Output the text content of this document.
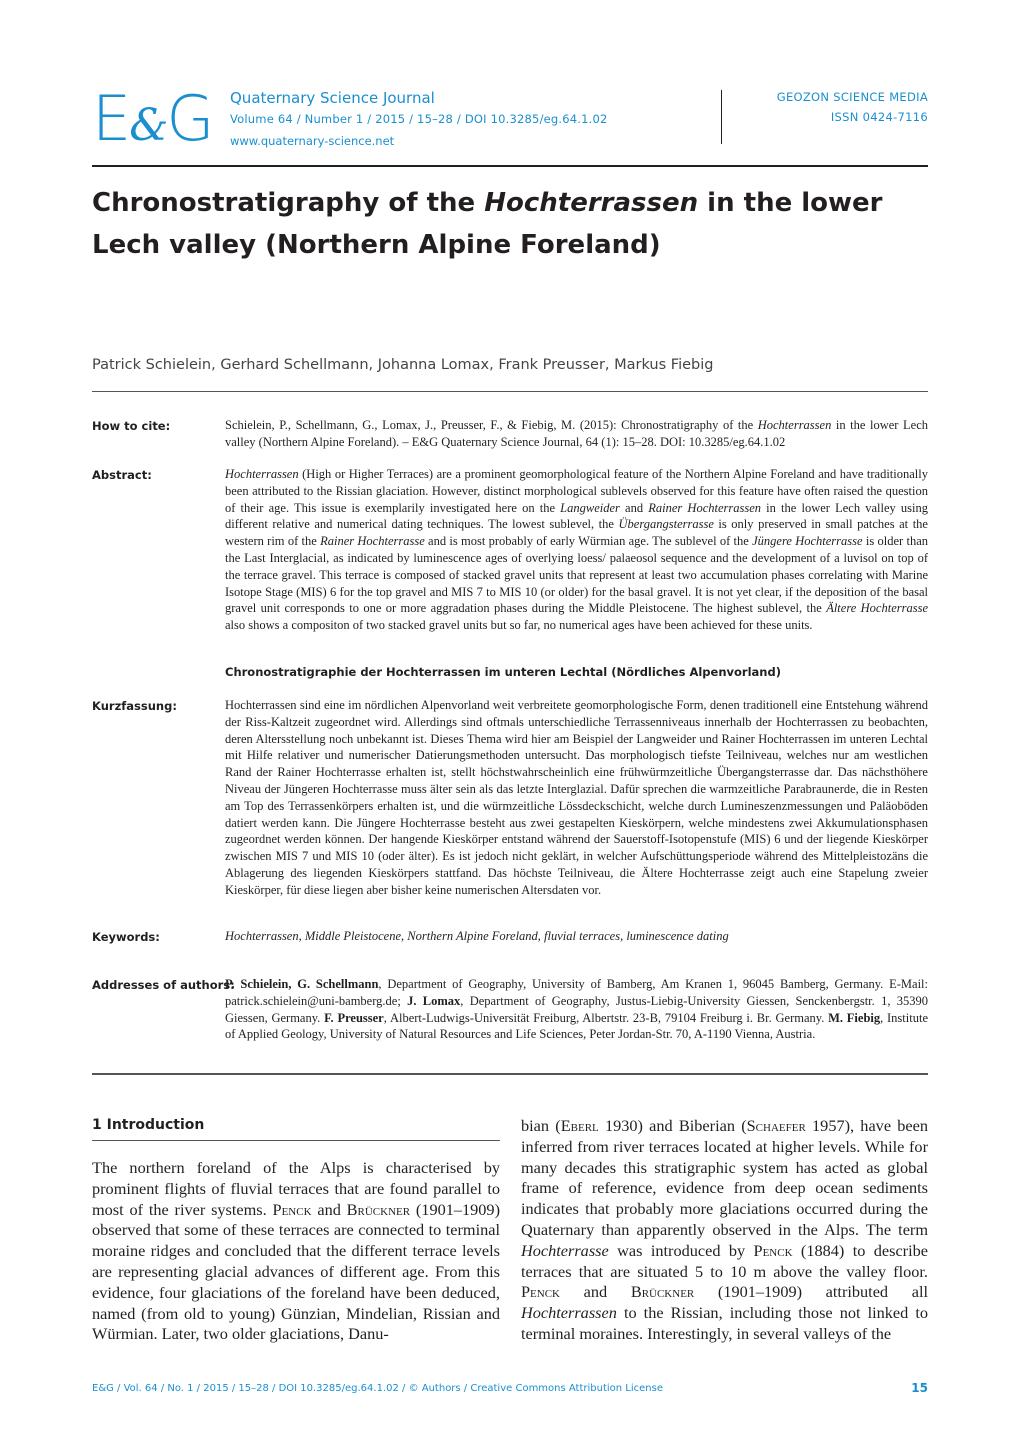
E&G Quaternary Science Journal
Volume 64 / Number 1 / 2015 / 15–28 / DOI 10.3285/eg.64.1.02
www.quaternary-science.net
GEOZON SCIENCE MEDIA
ISSN 0424-7116
Chronostratigraphy of the Hochterrassen in the lower Lech valley (Northern Alpine Foreland)
Patrick Schielein, Gerhard Schellmann, Johanna Lomax, Frank Preusser, Markus Fiebig
How to cite:	Schielein, P., Schellmann, G., Lomax, J., Preusser, F., & Fiebig, M. (2015): Chronostratigraphy of the Hochterrassen in the lower Lech valley (Northern Alpine Foreland). – E&G Quaternary Science Journal, 64 (1): 15–28. DOI: 10.3285/eg.64.1.02
Abstract:	Hochterrassen (High or Higher Terraces) are a prominent geomorphological feature of the Northern Alpine Foreland and have traditionally been attributed to the Rissian glaciation. However, distinct morphological sublevels observed for this feature have often raised the question of their age. This issue is exemplarily investigated here on the Langweider and Rainer Hochterrassen in the lower Lech valley using different relative and numerical dating techniques. The lowest sublevel, the Übergangsterrasse is only preserved in small patches at the western rim of the Rainer Hochterrasse and is most probably of early Würmian age. The sublevel of the Jüngere Hochterrasse is older than the Last Interglacial, as indicated by luminescence ages of overlying loess/ palaeosol sequence and the development of a luvisol on top of the terrace gravel. This terrace is composed of stacked gravel units that represent at least two accumulation phases correlating with Marine Isotope Stage (MIS) 6 for the top gravel and MIS 7 to MIS 10 (or older) for the basal gravel. It is not yet clear, if the deposition of the basal gravel unit corresponds to one or more aggradation phases during the Middle Pleistocene. The highest sublevel, the Ältere Hochterrasse also shows a compositon of two stacked gravel units but so far, no numerical ages have been achieved for these units.
Chronostratigraphie der Hochterrassen im unteren Lechtal (Nördliches Alpenvorland)
Kurzfassung:	Hochterrassen sind eine im nördlichen Alpenvorland weit verbreitete geomorphologische Form, denen traditionell eine Entstehung während der Riss-Kaltzeit zugeordnet wird. Allerdings sind oftmals unterschiedliche Terrassenniveaus innerhalb der Hochterrassen zu beobachten, deren Altersstellung noch unbekannt ist. Dieses Thema wird hier am Beispiel der Langweider und Rainer Hochterrassen im unteren Lechtal mit Hilfe relativer und numerischer Datierungsmethoden untersucht. Das morphologisch tiefste Teilniveau, welches nur am westlichen Rand der Rainer Hochterrasse erhalten ist, stellt höchstwahrscheinlich eine frühwürmzeitliche Übergangsterrasse dar. Das nächsthöhere Niveau der Jüngeren Hochterrasse muss älter sein als das letzte Interglazial. Dafür sprechen die warmzeitliche Parabraunerde, die in Resten am Top des Terrassenkörpers erhalten ist, und die würmzeitliche Lössdeckschicht, welche durch Lumineszenzmessungen und Paläoböden datiert werden kann. Die Jüngere Hochterrasse besteht aus zwei gestapelten Kieskörpern, welche mindestens zwei Akkumulationsphasen zugeordnet werden können. Der hangende Kieskörper entstand während der Sauerstoff-Isotopenstufe (MIS) 6 und der liegende Kieskörper zwischen MIS 7 und MIS 10 (oder älter). Es ist jedoch nicht geklärt, in welcher Aufschüttungsperiode während des Mittelpleistozäns die Ablagerung des liegenden Kieskörpers stattfand. Das höchste Teilniveau, die Ältere Hochterrasse zeigt auch eine Stapelung zweier Kieskörper, für diese liegen aber bisher keine numerischen Altersdaten vor.
Keywords:	Hochterrassen, Middle Pleistocene, Northern Alpine Foreland, fluvial terraces, luminescence dating
Addresses of authors:
P. Schielein, G. Schellmann, Department of Geography, University of Bamberg, Am Kranen 1, 96045 Bamberg, Germany. E-Mail: patrick.schielein@uni-bamberg.de; J. Lomax, Department of Geography, Justus-Liebig-University Giessen, Senckenbergstr. 1, 35390 Giessen, Germany. F. Preusser, Albert-Ludwigs-Universität Freiburg, Albertstr. 23-B, 79104 Freiburg i. Br. Germany. M. Fiebig, Institute of Applied Geology, University of Natural Resources and Life Sciences, Peter Jordan-Str. 70, A-1190 Vienna, Austria.
1 Introduction
The northern foreland of the Alps is characterised by prominent flights of fluvial terraces that are found parallel to most of the river systems. Penck and Brückner (1901–1909) observed that some of these terraces are connected to terminal moraine ridges and concluded that the different terrace levels are representing glacial advances of different age. From this evidence, four glaciations of the foreland have been deduced, named (from old to young) Günzian, Mindelian, Rissian and Würmian. Later, two older glaciations, Danu-
bian (Eberl 1930) and Biberian (Schaefer 1957), have been inferred from river terraces located at higher levels. While for many decades this stratigraphic system has acted as global frame of reference, evidence from deep ocean sediments indicates that probably more glaciations occurred during the Quaternary than apparently observed in the Alps. The term Hochterrasse was introduced by Penck (1884) to describe terraces that are situated 5 to 10 m above the valley floor. Penck and Brückner (1901–1909) attributed all Hochterrassen to the Rissian, including those not linked to terminal moraines. Interestingly, in several valleys of the
E&G / Vol. 64 / No. 1 / 2015 / 15–28 / DOI 10.3285/eg.64.1.02 / © Authors / Creative Commons Attribution License	15
